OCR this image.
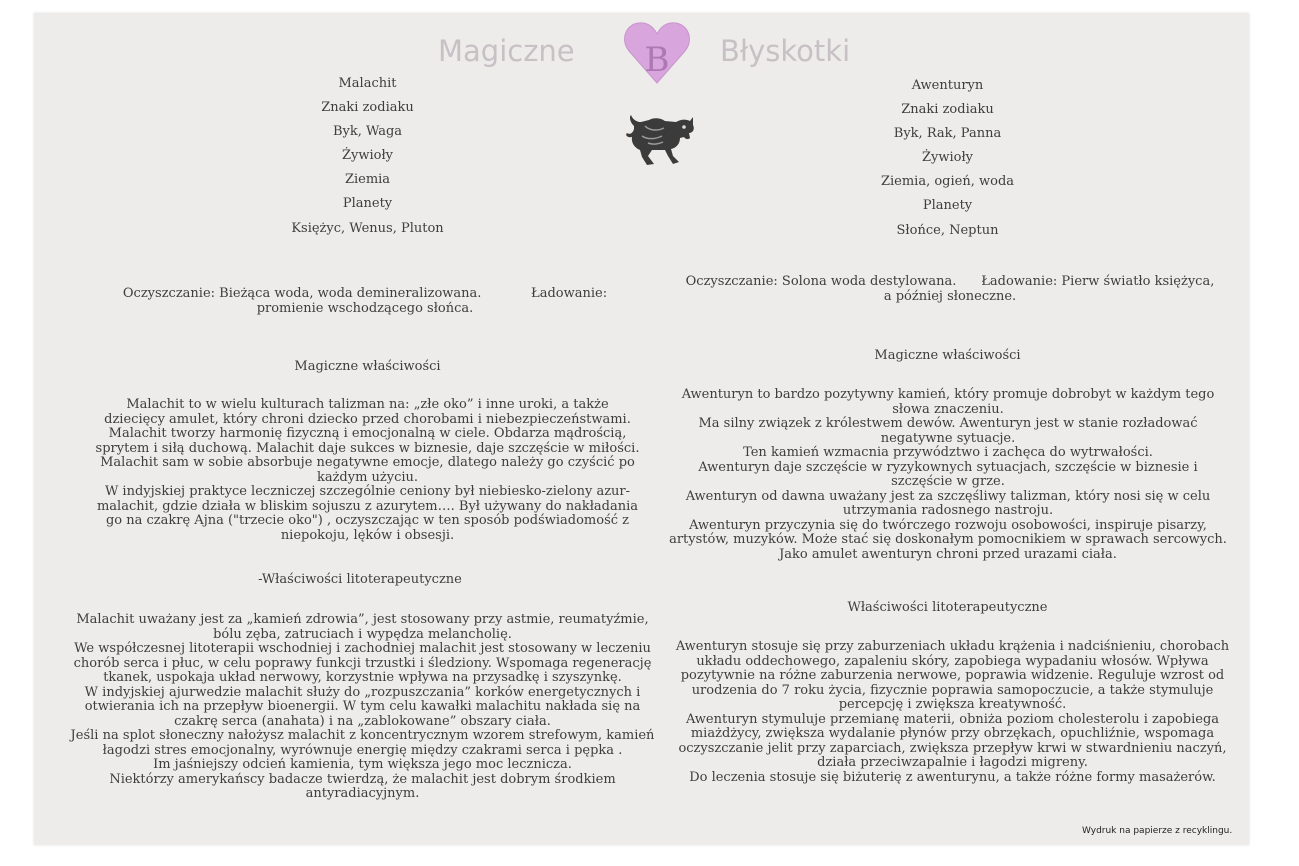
Magiczne B Błyskotki

Malachit

Znaki zodiaku

Byk, Waga

Żywioły

Ziemia

Planety

Księżyc, Wenus, Pluton

Oczyszczanie: Bieżąca woda, woda demineralizowana.            Ładowanie: promienie wschodzącego słońca.
Magiczne właściwości

Malachit to w wielu kulturach talizman na: „złe oko” i inne uroki, a także dziecięcy amulet, który chroni dziecko przed chorobami i niebezpieczeństwami.

Malachit tworzy harmonię fizyczną i emocjonalną w ciele. Obdarza mądrością, sprytem i siłą duchową. Malachit daje sukces w biznesie, daje szczęście w miłości.

Malachit sam w sobie absorbuje negatywne emocje, dlatego należy go czyścić po każdym użyciu.

W indyjskiej praktyce leczniczej szczególnie ceniony był niebiesko-zielony azur-malachit, gdzie działa w bliskim sojuszu z azurytem…. Był używany do nakładania go na czakrę Ajna ("trzecie oko") , oczyszczając w ten sposób podświadomość z niepokoju, lęków i obsesji.

-Właściwości litoterapeutyczne

Malachit uważany jest za „kamień zdrowia”, jest stosowany przy astmie, reumatyźmie, bólu zęba, zatruciach i wypędza melancholię.

We współczesnej litoterapii wschodniej i zachodniej malachit jest stosowany w leczeniu chorób serca i płuc, w celu poprawy funkcji trzustki i śledziony. Wspomaga regenerację tkanek, uspokaja układ nerwowy, korzystnie wpływa na przysadkę i szyszynkę.

W indyjskiej ajurwedzie malachit służy do „rozpuszczania” korków energetycznych i otwierania ich na przepływ bioenergii. W tym celu kawałki malachitu nakłada się na czakrę serca (anahata) i na „zablokowane” obszary ciała.

Jeśli na splot słoneczny nałożysz malachit z koncentrycznym wzorem strefowym, kamień łagodzi stres emocjonalny, wyrównuje energię między czakrami serca i pępka .

Im jaśniejszy odcień kamienia, tym większa jego moc lecznicza.

Niektórzy amerykańscy badacze twierdzą, że malachit jest dobrym środkiem antyradiacyjnym.

Awenturyn

Znaki zodiaku

Byk, Rak, Panna

Żywioły

Ziemia, ogień, woda

Planety

Słońce, Neptun

Oczyszczanie: Solona woda destylowana.      Ładowanie: Pierw światło księżyca, a później słoneczne.
Magiczne właściwości

Awenturyn to bardzo pozytywny kamień, który promuje dobrobyt w każdym tego słowa znaczeniu.

Ma silny związek z królestwem dewów. Awenturyn jest w stanie rozładować negatywne sytuacje.

Ten kamień wzmacnia przywództwo i zachęca do wytrwałości.

Awenturyn daje szczęście w ryzykownych sytuacjach, szczęście w biznesie i szczęście w grze.

Awenturyn od dawna uważany jest za szczęśliwy talizman, który nosi się w celu utrzymania radosnego nastroju.

Awenturyn przyczynia się do twórczego rozwoju osobowości, inspiruje pisarzy, artystów, muzyków. Może stać się doskonałym pomocnikiem w sprawach sercowych.

Jako amulet awenturyn chroni przed urazami ciała.

Właściwości litoterapeutyczne

Awenturyn stosuje się przy zaburzeniach układu krążenia i nadciśnieniu, chorobach układu oddechowego, zapaleniu skóry, zapobiega wypadaniu włosów. Wpływa pozytywnie na różne zaburzenia nerwowe, poprawia widzenie. Reguluje wzrost od urodzenia do 7 roku życia, fizycznie poprawia samopoczucie, a także stymuluje percepcję i zwiększa kreatywność.

Awenturyn stymuluje przemianę materii, obniża poziom cholesterolu i zapobiega miażdżycy, zwiększa wydalanie płynów przy obrzękach, opuchliźnie, wspomaga oczyszczanie jelit przy zaparciach, zwiększa przepływ krwi w stwardnieniu naczyń, działa przeciwzapalnie i łagodzi migreny.

Do leczenia stosuje się biżuterię z awenturynu, a także różne formy masażerów.

Wydruk na papierze z recyklingu.
